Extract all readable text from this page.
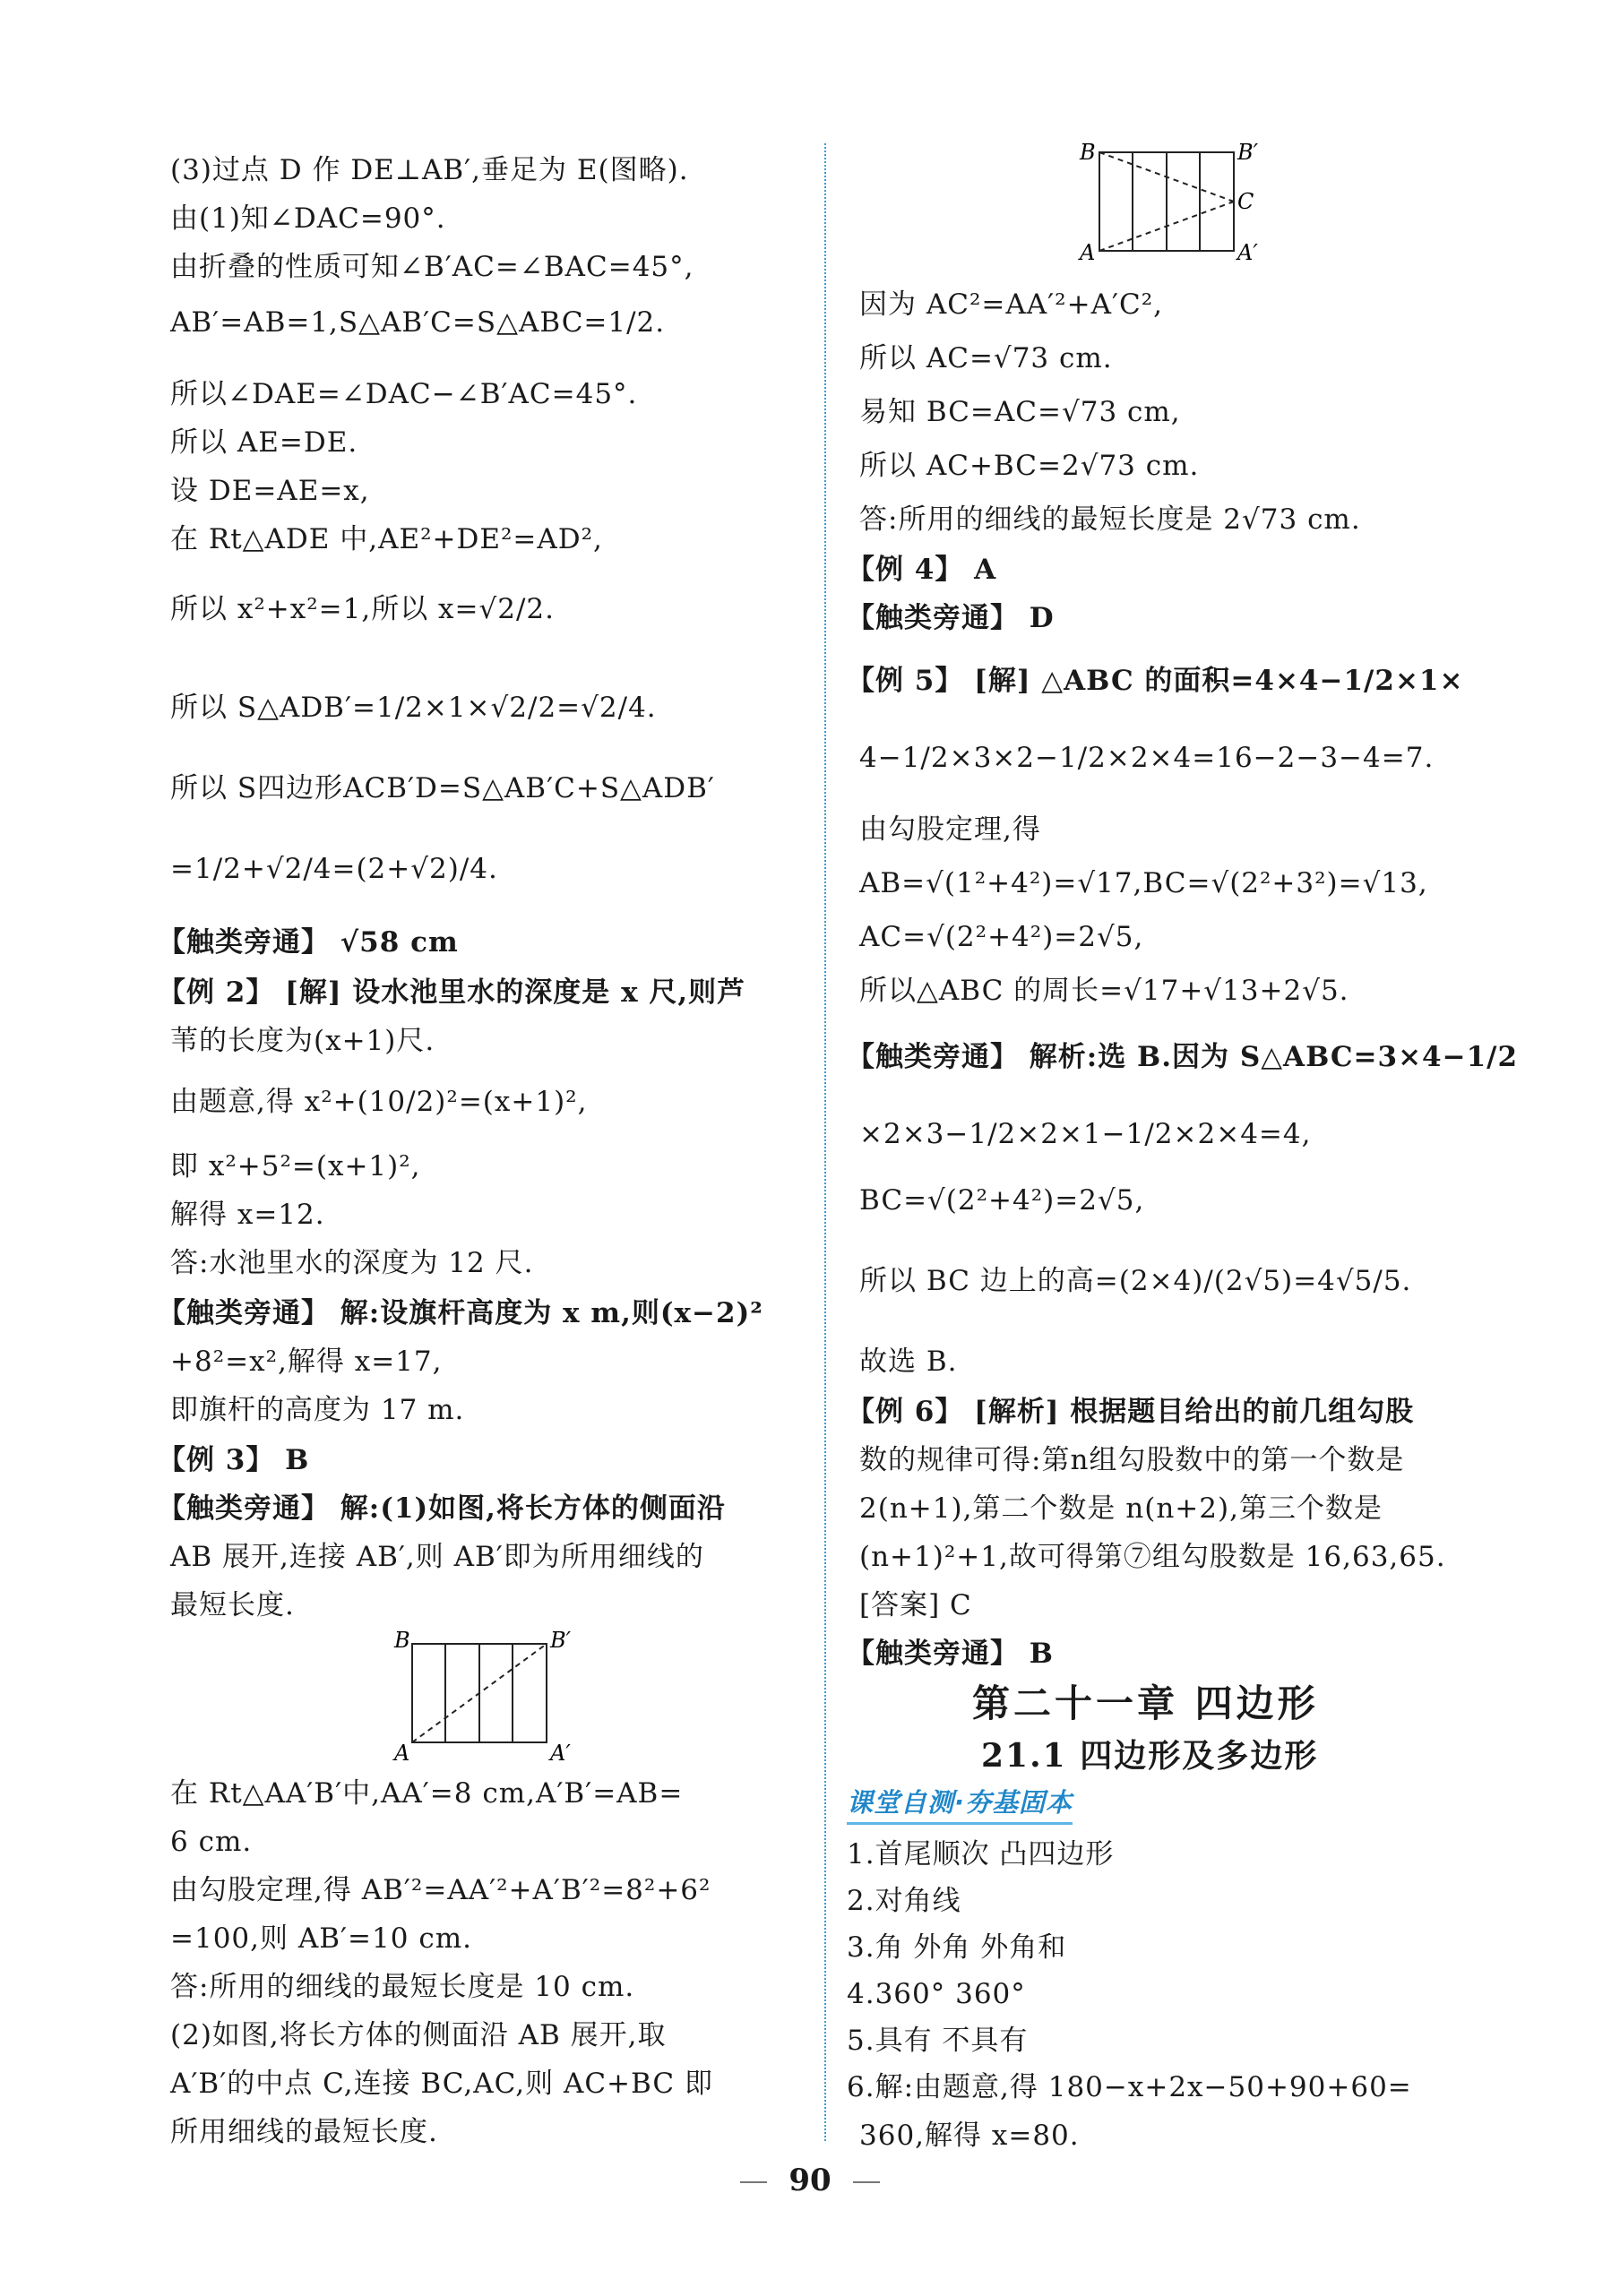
(3)过点 D 作 DE⊥AB′,垂足为 E(图略).
由(1)知∠DAC=90°.
由折叠的性质可知∠B′AC=∠BAC=45°,
AB′=AB=1,S△AB′C=S△ABC=1/2.
所以∠DAE=∠DAC−∠B′AC=45°.
所以 AE=DE.
设 DE=AE=x,
在 Rt△ADE 中,AE²+DE²=AD²,
所以 x²+x²=1,所以 x=√2/2.
所以 S△ADB′=1/2×1×√2/2=√2/4.
所以 S四边形ACB′D=S△AB′C+S△ADB′
=1/2+√2/4=(2+√2)/4.
【触类旁通】 √58 cm
【例 2】 [解] 设水池里水的深度是 x 尺,则芦
苇的长度为(x+1)尺.
由题意,得 x²+(10/2)²=(x+1)²,
即 x²+5²=(x+1)²,
解得 x=12.
答:水池里水的深度为 12 尺.
【触类旁通】 解:设旗杆高度为 x m,则(x−2)²
+8²=x²,解得 x=17,
即旗杆的高度为 17 m.
【例 3】 B
【触类旁通】 解:(1)如图,将长方体的侧面沿
AB 展开,连接 AB′,则 AB′即为所用细线的
最短长度.
B	B′
A	A′
在 Rt△AA′B′中,AA′=8 cm,A′B′=AB=
6 cm.
由勾股定理,得 AB′²=AA′²+A′B′²=8²+6²
=100,则 AB′=10 cm.
答:所用的细线的最短长度是 10 cm.
(2)如图,将长方体的侧面沿 AB 展开,取
A′B′的中点 C,连接 BC,AC,则 AC+BC 即
所用细线的最短长度.
B	B′
C
A	A′
因为 AC²=AA′²+A′C²,
所以 AC=√73 cm.
易知 BC=AC=√73 cm,
所以 AC+BC=2√73 cm.
答:所用的细线的最短长度是 2√73 cm.
【例 4】 A
【触类旁通】 D
【例 5】 [解] △ABC 的面积=4×4−1/2×1×
4−1/2×3×2−1/2×2×4=16−2−3−4=7.
由勾股定理,得
AB=√(1²+4²)=√17,BC=√(2²+3²)=√13,
AC=√(2²+4²)=2√5,
所以△ABC 的周长=√17+√13+2√5.
【触类旁通】 解析:选 B.因为 S△ABC=3×4−1/2
×2×3−1/2×2×1−1/2×2×4=4,
BC=√(2²+4²)=2√5,
所以 BC 边上的高=(2×4)/(2√5)=4√5/5.
故选 B.
【例 6】 [解析] 根据题目给出的前几组勾股
数的规律可得:第n组勾股数中的第一个数是
2(n+1),第二个数是 n(n+2),第三个数是
(n+1)²+1,故可得第⑦组勾股数是 16,63,65.
[答案] C
【触类旁通】 B
第二十一章 四边形
21.1 四边形及多边形
课堂自测·夯基固本
1.首尾顺次 凸四边形
2.对角线
3.角 外角 外角和
4.360° 360°
5.具有 不具有
6.解:由题意,得 180−x+2x−50+90+60=
360,解得 x=80.
90
